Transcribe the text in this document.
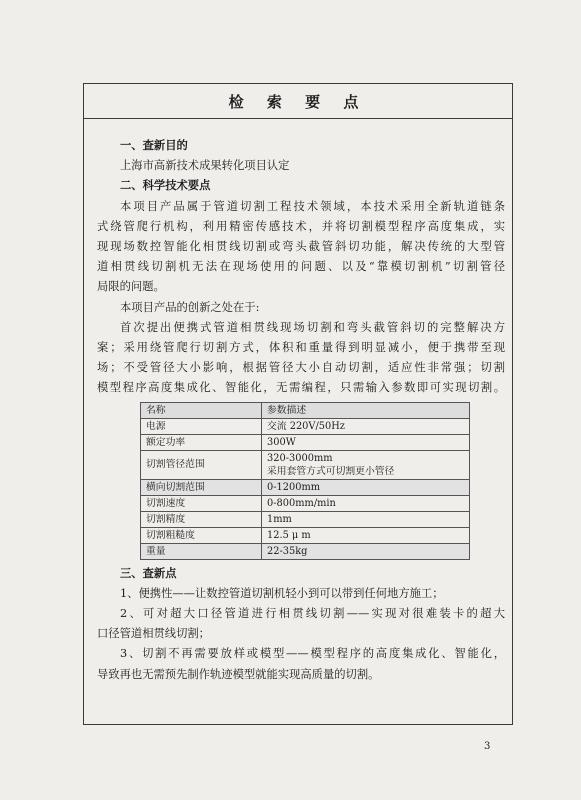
检 索 要 点
一、查新目的
上海市高新技术成果转化项目认定
二、科学技术要点
本项目产品属于管道切割工程技术领域，本技术采用全新轨道链条
式绕管爬行机构，利用精密传感技术，并将切割模型程序高度集成，实
现现场数控智能化相贯线切割或弯头截管斜切功能，解决传统的大型管
道相贯线切割机无法在现场使用的问题、以及“靠模切割机”切割管径
局限的问题。
本项目产品的创新之处在于:
首次提出便携式管道相贯线现场切割和弯头截管斜切的完整解决方
案；采用绕管爬行切割方式，体积和重量得到明显减小，便于携带至现
场；不受管径大小影响，根据管径大小自动切割，适应性非常强；切割
模型程序高度集成化、智能化，无需编程，只需输入参数即可实现切割。
名称	参数描述
电源	交流 220V/50Hz
额定功率	300W
切割管径范围	320-3000mm
采用套管方式可切割更小管径

横向切割范围	0-1200mm
切割速度	0-800mm/min
切割精度	1mm
切割粗糙度	12.5 μ m
重量	22-35kg
三、查新点
1、便携性——让数控管道切割机轻小到可以带到任何地方施工；
2、可对超大口径管道进行相贯线切割——实现对很难装卡的超大
口径管道相贯线切割；
3、切割不再需要放样或模型——模型程序的高度集成化、智能化，
导致再也无需预先制作轨迹模型就能实现高质量的切割。
3
